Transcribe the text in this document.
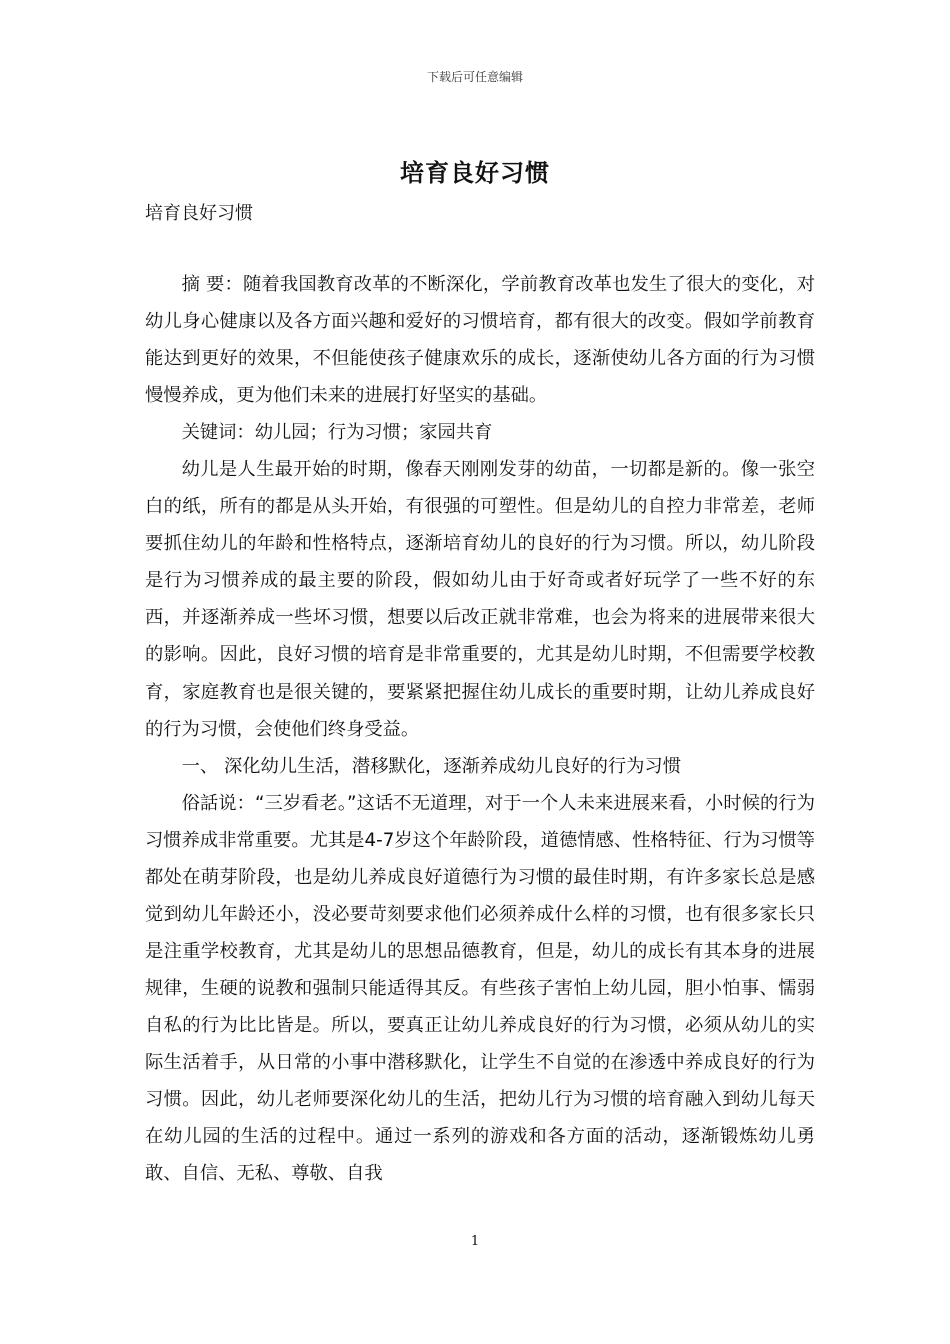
下载后可任意编辑
培育良好习惯
培育良好习惯

摘 要：随着我国教育改革的不断深化，学前教育改革也发生了很大的变化，对幼儿身心健康以及各方面兴趣和爱好的习惯培育，都有很大的改变。假如学前教育能达到更好的效果，不但能使孩子健康欢乐的成长，逐渐使幼儿各方面的行为习惯慢慢养成，更为他们未来的进展打好坚实的基础。

关键词：幼儿园；行为习惯；家园共育

幼儿是人生最开始的时期，像春天刚刚发芽的幼苗，一切都是新的。像一张空白的纸，所有的都是从头开始，有很强的可塑性。但是幼儿的自控力非常差，老师要抓住幼儿的年龄和性格特点，逐渐培育幼儿的良好的行为习惯。所以，幼儿阶段是行为习惯养成的最主要的阶段，假如幼儿由于好奇或者好玩学了一些不好的东西，并逐渐养成一些坏习惯，想要以后改正就非常难，也会为将来的进展带来很大的影响。因此，良好习惯的培育是非常重要的，尤其是幼儿时期，不但需要学校教育，家庭教育也是很关键的，要紧紧把握住幼儿成长的重要时期，让幼儿养成良好的行为习惯，会使他们终身受益。

一、 深化幼儿生活，潜移默化，逐渐养成幼儿良好的行为习惯

俗話说：“三岁看老。”这话不无道理，对于一个人未来进展来看，小时候的行为习惯养成非常重要。尤其是4-7岁这个年龄阶段，道德情感、性格特征、行为习惯等都处在萌芽阶段，也是幼儿养成良好道德行为习惯的最佳时期，有许多家长总是感觉到幼儿年龄还小，没必要苛刻要求他们必须养成什么样的习惯，也有很多家长只是注重学校教育，尤其是幼儿的思想品德教育，但是，幼儿的成长有其本身的进展规律，生硬的说教和强制只能适得其反。有些孩子害怕上幼儿园，胆小怕事、懦弱自私的行为比比皆是。所以，要真正让幼儿养成良好的行为习惯，必须从幼儿的实际生活着手，从日常的小事中潜移默化，让学生不自觉的在渗透中养成良好的行为习惯。因此，幼儿老师要深化幼儿的生活，把幼儿行为习惯的培育融入到幼儿每天在幼儿园的生活的过程中。通过一系列的游戏和各方面的活动，逐渐锻炼幼儿勇敢、自信、无私、尊敬、自我

1
